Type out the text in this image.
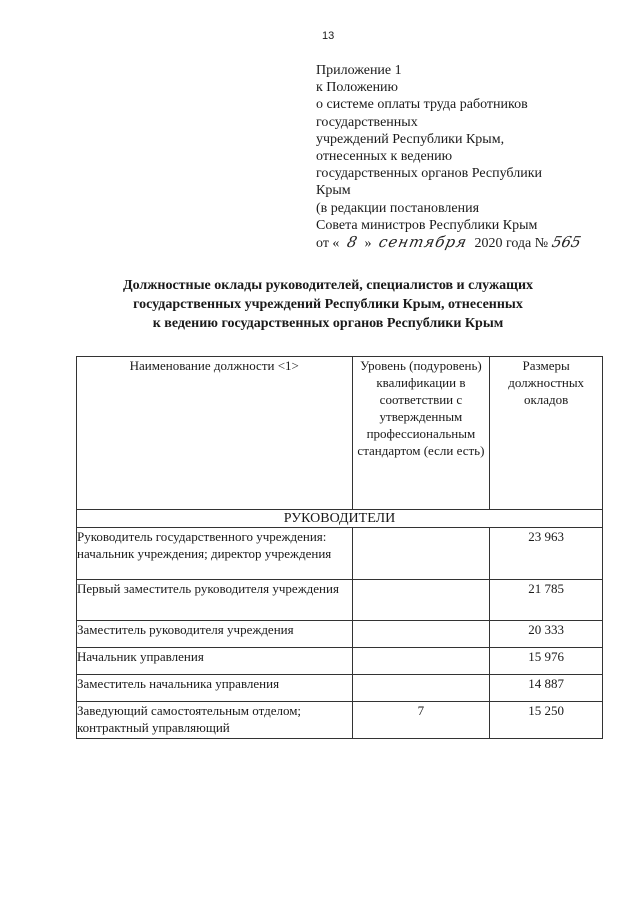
13
Приложение 1
к Положению
о системе оплаты труда работников
государственных
учреждений Республики Крым,
отнесенных к ведению
государственных органов Республики
Крым
(в редакции постановления
Совета министров Республики Крым
от « 8 » сентября 2020 года № 565
Должностные оклады руководителей, специалистов и служащих
государственных учреждений Республики Крым, отнесенных
к ведению государственных органов Республики Крым
Наименование должности <1>	Уровень (подуровень) квалификации в соответствии с утвержденным профессиональным стандартом (если есть)	Размеры должностных окладов
РУКОВОДИТЕЛИ		
Руководитель государственного учреждения: начальник учреждения; директор учреждения		23 963
Первый заместитель руководителя учреждения		21 785
Заместитель руководителя учреждения		20 333
Начальник управления		15 976
Заместитель начальника управления		14 887
Заведующий самостоятельным отделом; контрактный управляющий	7	15 250
